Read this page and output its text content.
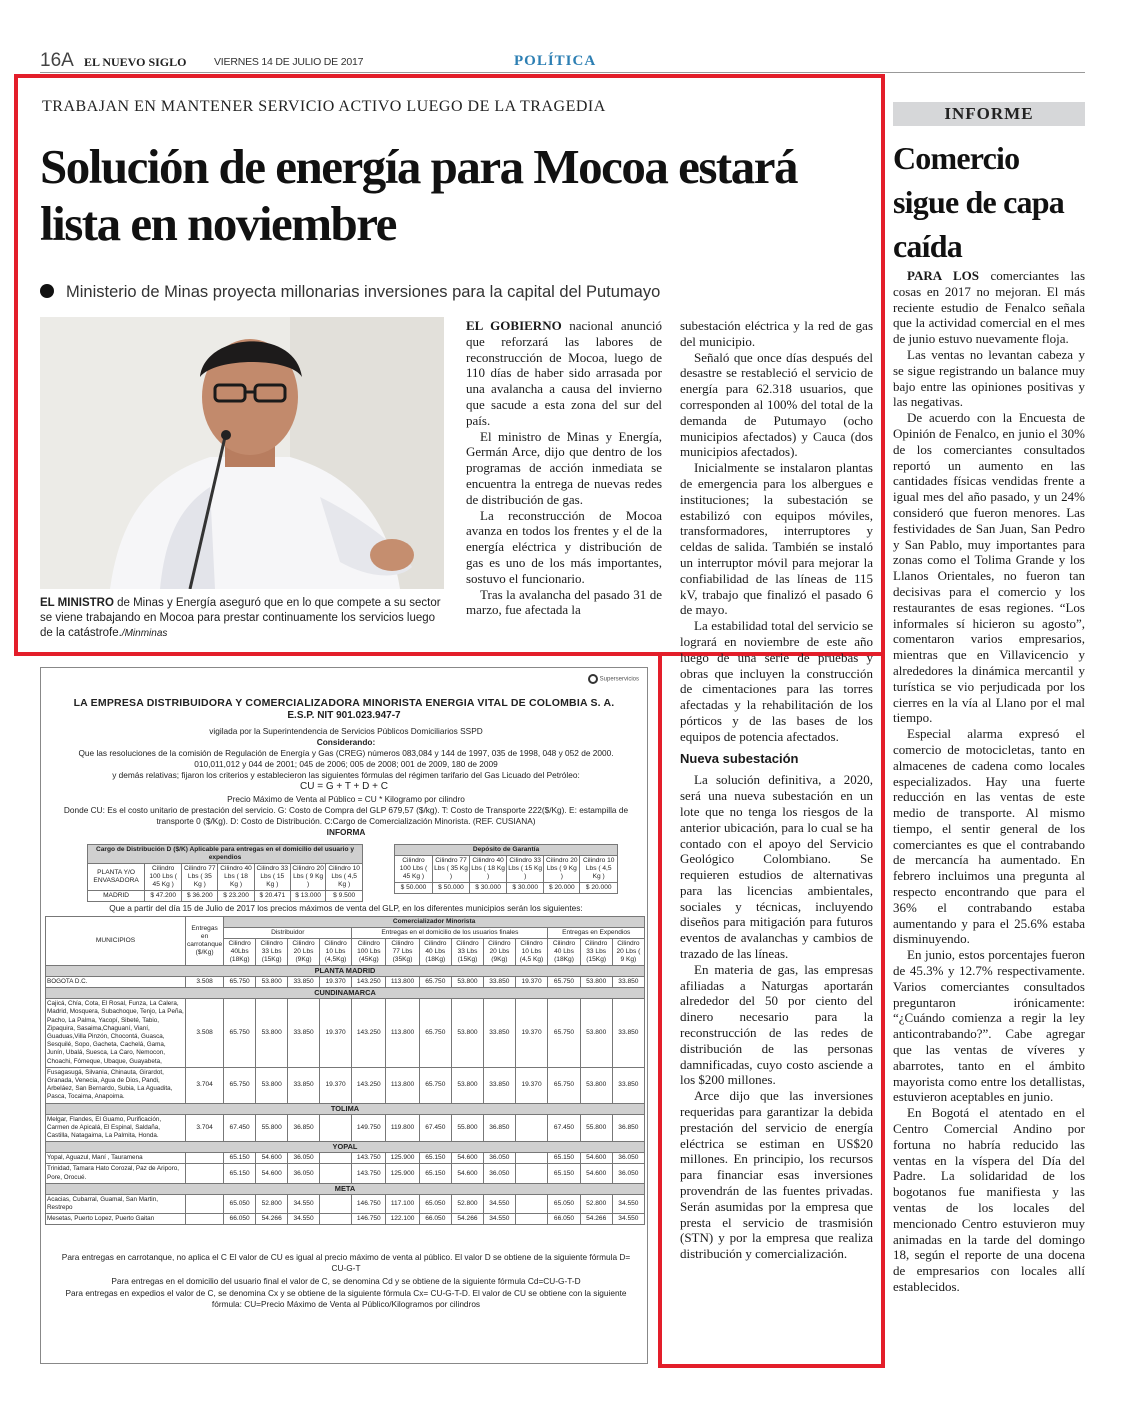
16A EL NUEVO SIGLO	VIERNES 14 DE JULIO DE 2017	POLÍTICA
TRABAJAN EN MANTENER SERVICIO ACTIVO LUEGO DE LA TRAGEDIA
Solución de energía para Mocoa estará lista en noviembre
Ministerio de Minas proyecta millonarias inversiones para la capital del Putumayo
EL MINISTRO de Minas y Energía aseguró que en lo que compete a su sector se viene trabajando en Mocoa para prestar continuamente los servicios luego de la catástrofe./Minminas

EL GOBIERNO nacional anunció que reforzará las labores de reconstrucción de Mocoa, luego de 110 días de haber sido arrasada por una avalancha a causa del invierno que sacude a esta zona del sur del país.

El ministro de Minas y Energía, Germán Arce, dijo que dentro de los programas de acción inmediata se encuentra la entrega de nuevas redes de distribución de gas.

La reconstrucción de Mocoa avanza en todos los frentes y el de la energía eléctrica y distribución de gas es uno de los más importantes, sostuvo el funcionario.

Tras la avalancha del pasado 31 de marzo, fue afectada la

subestación eléctrica y la red de gas del municipio.

Señaló que once días después del desastre se restableció el servicio de energía para 62.318 usuarios, que corresponden al 100% del total de la demanda de Putumayo (ocho municipios afectados) y Cauca (dos municipios afectados).

Inicialmente se instalaron plantas de emergencia para los albergues e instituciones; la subestación se estabilizó con equipos móviles, transformadores, interruptores y celdas de salida. También se instaló un interruptor móvil para mejorar la confiabilidad de las líneas de 115 kV, trabajo que finalizó el pasado 6 de mayo.

La estabilidad total del servicio se logrará en noviembre de este año luego de una serie de pruebas y obras que incluyen la construcción de cimentaciones para las torres afectadas y la rehabilitación de los pórticos y de las bases de los equipos de potencia afectados.

Nueva subestación

La solución definitiva, a 2020, será una nueva subestación en un lote que no tenga los riesgos de la anterior ubicación, para lo cual se ha contado con el apoyo del Servicio Geológico Colombiano. Se requieren estudios de alternativas para las licencias ambientales, sociales y técnicas, incluyendo diseños para mitigación para futuros eventos de avalanchas y cambios de trazado de las líneas.

En materia de gas, las empresas afiliadas a Naturgas aportarán alrededor del 50 por ciento del dinero necesario para la reconstrucción de las redes de distribución de las personas damnificadas, cuyo costo asciende a los $200 millones.

Arce dijo que las inversiones requeridas para garantizar la debida prestación del servicio de energía eléctrica se estiman en US$20 millones. En principio, los recursos para financiar esas inversiones provendrán de las fuentes privadas. Serán asumidas por la empresa que presta el servicio de trasmisión (STN) y por la empresa que realiza distribución y comercialización.

INFORME
Comercio sigue de capa caída

PARA LOS comerciantes las cosas en 2017 no mejoran. El más reciente estudio de Fenalco señala que la actividad comercial en el mes de junio estuvo nuevamente floja.

Las ventas no levantan cabeza y se sigue registrando un balance muy bajo entre las opiniones positivas y las negativas.

De acuerdo con la Encuesta de Opinión de Fenalco, en junio el 30% de los comerciantes consultados reportó un aumento en las cantidades físicas vendidas frente a igual mes del año pasado, y un 24% consideró que fueron menores. Las festividades de San Juan, San Pedro y San Pablo, muy importantes para zonas como el Tolima Grande y los Llanos Orientales, no fueron tan decisivas para el comercio y los restaurantes de esas regiones. “Los informales sí hicieron su agosto”, comentaron varios empresarios, mientras que en Villavicencio y alrededores la dinámica mercantil y turística se vio perjudicada por los cierres en la vía al Llano por el mal tiempo.

Especial alarma expresó el comercio de motocicletas, tanto en almacenes de cadena como locales especializados. Hay una fuerte reducción en las ventas de este medio de transporte. Al mismo tiempo, el sentir general de los comerciantes es que el contrabando de mercancía ha aumentado. En febrero incluimos una pregunta al respecto encontrando que para el 36% el contrabando estaba aumentando y para el 25.6% estaba disminuyendo.

En junio, estos porcentajes fueron de 45.3% y 12.7% respectivamente. Varios comerciantes consultados preguntaron irónicamente: “¿Cuándo comienza a regir la ley anticontrabando?”. Cabe agregar que las ventas de víveres y abarrotes, tanto en el ámbito mayorista como entre los detallistas, estuvieron aceptables en junio.

En Bogotá el atentado en el Centro Comercial Andino por fortuna no habría reducido las ventas en la víspera del Día del Padre. La solidaridad de los bogotanos fue manifiesta y las ventas de los locales del mencionado Centro estuvieron muy animadas en la tarde del domingo 18, según el reporte de una docena de empresarios con locales allí establecidos.

Superservicios
LA EMPRESA DISTRIBUIDORA Y COMERCIALIZADORA MINORISTA ENERGIA VITAL DE COLOMBIA S. A.
E.S.P. NIT 901.023.947-7
vigilada por la Superintendencia de Servicios Públicos Domiciliarios SSPD
Considerando:
Que las resoluciones de la comisión de Regulación de Energía y Gas (CREG) números 083,084 y 144 de 1997, 035 de 1998, 048 y 052 de 2000. 010,011,012 y 044 de 2001; 045 de 2006; 005 de 2008; 001 de 2009, 180 de 2009
y demás relativas; fijaron los criterios y establecieron las siguientes fórmulas del régimen tarifario del Gas Licuado del Petróleo:
CU = G + T + D + C
Precio Máximo de Venta al Público = CU * Kilogramo por cilindro
Donde CU: Es el costo unitario de prestación del servicio. G: Costo de Compra del GLP 679,57 ($/kg). T: Costo de Transporte 222($/Kg). E: estampilla de transporte 0 ($/Kg). D: Costo de Distribución. C:Cargo de Comercialización Minorista. (REF. CUSIANA)
INFORMA
Cargo de Distribución D ($/K) Aplicable para entregas en el domicilio del usuario y expendios						
PLANTA Y/O ENVASADORA	Cilindro 100 Lbs ( 45 Kg )	Cilindro 77 Lbs ( 35 Kg )	Cilindro 40 Lbs ( 18 Kg )	Cilindro 33 Lbs ( 15 Kg )	Cilindro 20 Lbs ( 9 Kg )	Cilindro 10 Lbs ( 4,5 Kg )
MADRID	$ 47.200	$ 36.200	$ 23.200	$ 20.471	$ 13.000	$ 9.500
Depósito de Garantía					
Cilindro 100 Lbs ( 45 Kg )	Cilindro 77 Lbs ( 35 Kg )	Cilindro 40 Lbs ( 18 Kg )	Cilindro 33 Lbs ( 15 Kg )	Cilindro 20 Lbs ( 9 Kg )	Cilindro 10 Lbs ( 4,5 Kg )
$ 50.000	$ 50.000	$ 30.000	$ 30.000	$ 20.000	$ 20.000
Que a partir del día 15 de Julio de 2017 los precios máximos de venta del GLP, en los diferentes municipios serán los siguientes:
MUNICIPIOS	Entregas en carrotanque ($/Kg)	Comercializador Minorista												
		Distribuidor				Entregas en el domicilio de los usuarios finales						Entregas en Expendios		
		Cilindro 40Lbs (18Kg)	Cilindro 33 Lbs (15Kg)	Cilindro 20 Lbs (9Kg)	Cilindro 10 Lbs (4,5Kg)	Cilindro 100 Lbs (45Kg)	Cilindro 77 Lbs (35Kg)	Cilindro 40 Lbs (18Kg)	Cilindro 33 Lbs (15Kg)	Cilindro 20 Lbs (9Kg)	Cilindro 10 Lbs (4,5 Kg)	Cilindro 40 Lbs (18Kg)	Cilindro 33 Lbs (15Kg)	Cilindro 20 Lbs ( 9 Kg)
PLANTA MADRID														
BOGOTA D.C.	3.508	65.750	53.800	33.850	19.370	143.250	113.800	65.750	53.800	33.850	19.370	65.750	53.800	33.850
CUNDINAMARCA														
Cajicá, Chía, Cota, El Rosal, Funza, La Calera, Madrid, Mosquera, Subachoque, Tenjo, La Peña, Pacho, La Palma, Yacopí, Sibeté, Tabio, Zipaquira, Sasaima,Chaguaní, Vianí, Guaduas,Villa Pinzón, Chocontá, Guasca, Sesquilé, Sopo, Gacheta, Cachelá, Gama, Junín, Ubalá, Suesca, La Caro, Nemocon, Choachi, Fómeque, Ubaque, Guayabeta,	3.508	65.750	53.800	33.850	19.370	143.250	113.800	65.750	53.800	33.850	19.370	65.750	53.800	33.850
Fusagasugá, Silvania, Chinauta, Girardot, Granada, Venecia, Agua de Dios, Pandi, Arbeláez, San Bernardo, Subia, La Aguadita, Pasca, Tocaima, Anapoima.	3.704	65.750	53.800	33.850	19.370	143.250	113.800	65.750	53.800	33.850	19.370	65.750	53.800	33.850
TOLIMA														
Melgar, Flandes, El Guamo, Purificación, Carmen de Apicalá, El Espinal, Saldaña, Castilla, Natagaima, La Palmita, Honda.	3.704	67.450	55.800	36.850		149.750	119.800	67.450	55.800	36.850		67.450	55.800	36.850
YOPAL														
Yopal, Aguazul, Maní , Tauramena		65.150	54.600	36.050		143.750	125.900	65.150	54.600	36.050		65.150	54.600	36.050
Trinidad, Tamara Hato Corozal, Paz de Ariporo, Pore, Orocué.		65.150	54.600	36.050		143.750	125.900	65.150	54.600	36.050		65.150	54.600	36.050
META														
Acacias, Cubarral, Guamal, San Martin, Restrepo		65.050	52.800	34.550		146.750	117.100	65.050	52.800	34.550		65.050	52.800	34.550
Mesetas, Puerto Lopez, Puerto Gaitan		66.050	54.266	34.550		146.750	122.100	66.050	54.266	34.550		66.050	54.266	34.550
Para entregas en carrotanque, no aplica el C El valor de CU es igual al precio máximo de venta al público. El valor D se obtiene de la siguiente fórmula D= CU-G-T
Para entregas en el domicilio del usuario final el valor de C, se denomina Cd y se obtiene de la siguiente fórmula Cd=CU-G-T-D
Para entregas en expedios el valor de C, se denomina Cx y se obtiene de la siguiente fórmula Cx= CU-G-T-D. El valor de CU se obtiene con la siguiente fórmula: CU=Precio Máximo de Venta al Público/Kilogramos por cilindros
